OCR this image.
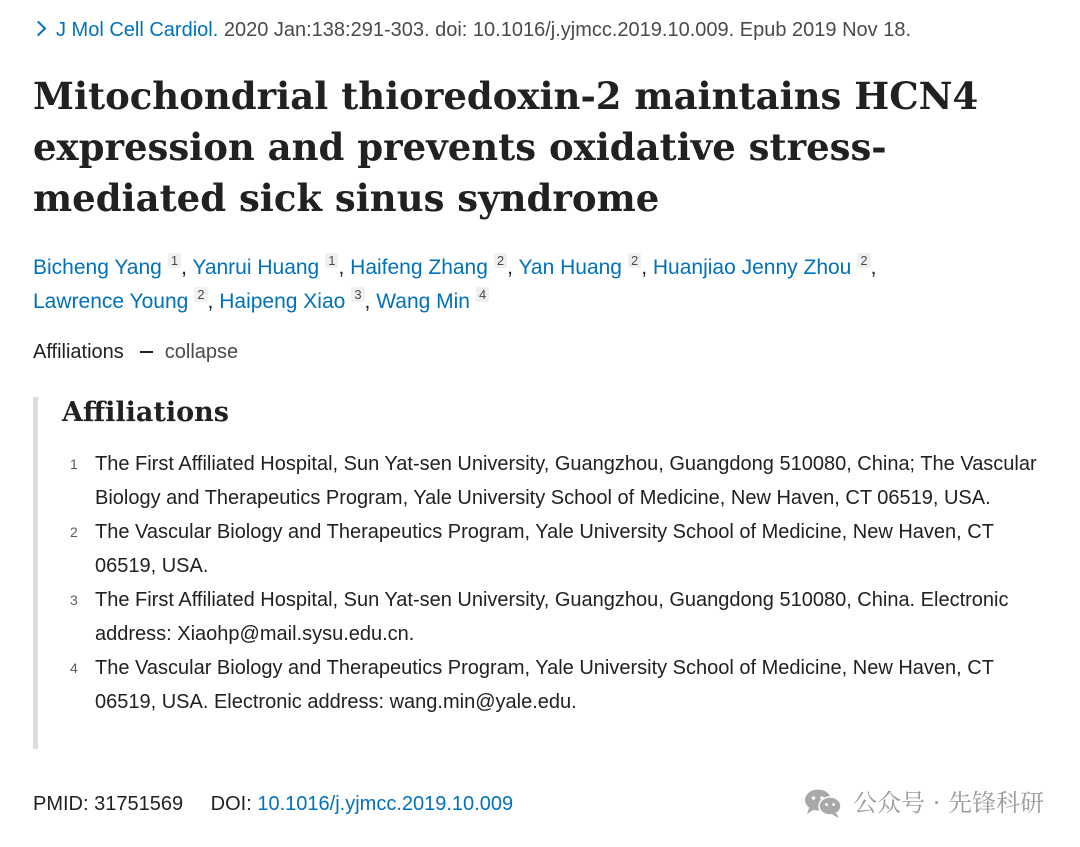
J Mol Cell Cardiol. 2020 Jan:138:291-303. doi: 10.1016/j.yjmcc.2019.10.009. Epub 2019 Nov 18.
Mitochondrial thioredoxin-2 maintains HCN4 expression and prevents oxidative stress-mediated sick sinus syndrome
Bicheng Yang 1 , Yanrui Huang 1 , Haifeng Zhang 2 , Yan Huang 2 , Huanjiao Jenny Zhou 2 ,
Lawrence Young 2 , Haipeng Xiao 3 , Wang Min 4
Affiliations collapse
Affiliations
1 The First Affiliated Hospital, Sun Yat-sen University, Guangzhou, Guangdong 510080, China; The Vascular Biology and Therapeutics Program, Yale University School of Medicine, New Haven, CT 06519, USA.
2 The Vascular Biology and Therapeutics Program, Yale University School of Medicine, New Haven, CT 06519, USA.
3 The First Affiliated Hospital, Sun Yat-sen University, Guangzhou, Guangdong 510080, China. Electronic address: Xiaohp@mail.sysu.edu.cn.
4 The Vascular Biology and Therapeutics Program, Yale University School of Medicine, New Haven, CT 06519, USA. Electronic address: wang.min@yale.edu.
PMID: 31751569 DOI: 10.1016/j.yjmcc.2019.10.009	公众号 · 先锋科研
